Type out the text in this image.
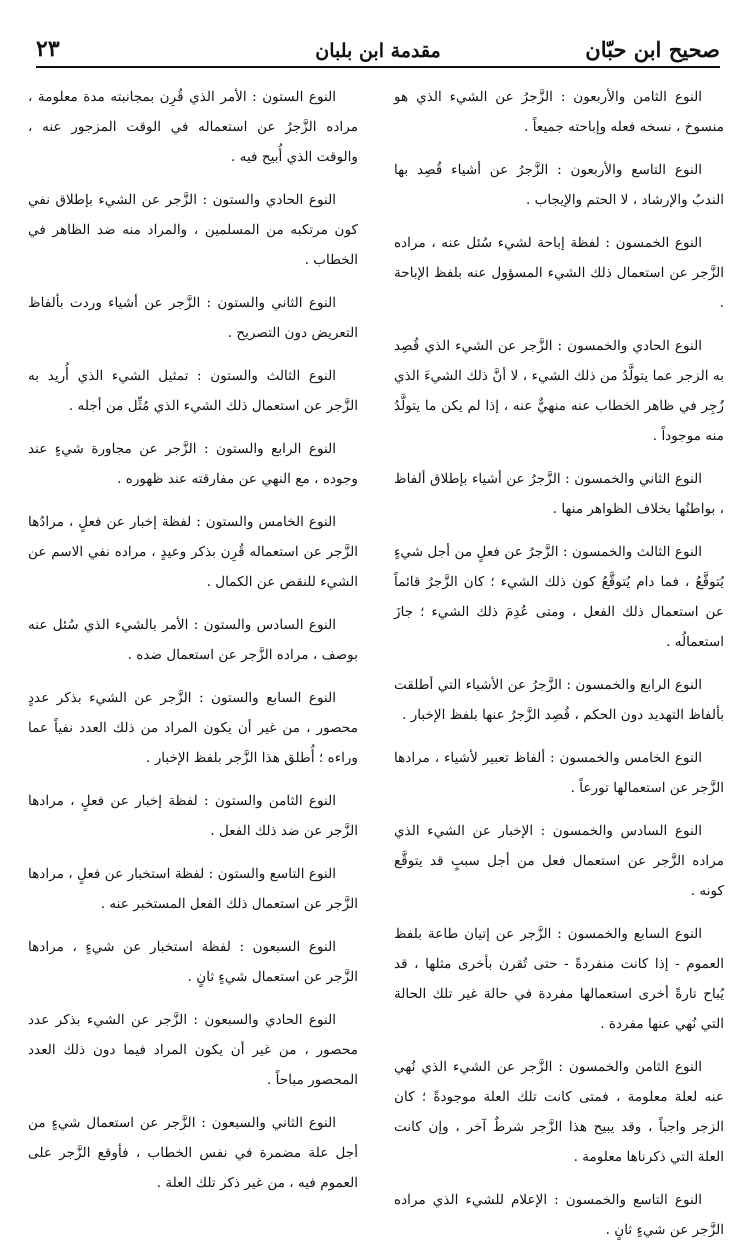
صحيح ابن حبّان
مقدمة ابن بلبان
٢٣

النوع الثامن والأربعون : الزَّجرُ عن الشيء الذي هو منسوخ ، نسخه فعله وإباحته جميعاً .

النوع التاسع والأربعون : الزَّجرُ عن أشياء قُصِد بها الندبُ والإرشاد ، لا الحتم والإيجاب .

النوع الخمسون : لفظة إباحة لشيء سُئل عنه ، مراده الزَّجر عن استعمال ذلك الشيء المسؤول عنه بلفظ الإباحة .

النوع الحادي والخمسون : الزَّجر عن الشيء الذي قُصِد به الزجر عما يتولَّدُ من ذلك الشيء ، لا أنَّ ذلك الشيءَ الذي زُجِر في ظاهر الخطاب عنه منهيٌّ عنه ، إذا لم يكن ما يتولَّدُ منه موجوداً .

النوع الثاني والخمسون : الزَّجرُ عن أشياء بإطلاق ألفاظ ، بواطنُها بخلاف الظواهر منها .

النوع الثالث والخمسون : الزَّجرُ عن فعلٍ من أجل شيءٍ يُتوقَّعُ ، فما دام يُتوقَّعُ كون ذلك الشيء ؛ كان الزَّجرُ قائماً عن استعمال ذلك الفعل ، ومتى عُدِمَ ذلك الشيء ؛ جازَ استعمالُه .

النوع الرابع والخمسون : الزَّجرُ عن الأشياء التي أطلقت بألفاظ التهديد دون الحكم ، قُصِد الزَّجرُ عنها بلفظ الإخبار .

النوع الخامس والخمسون : ألفاظ تعبير لأشياء ، مرادها الزَّجر عن استعمالها تورعاً .

النوع السادس والخمسون : الإخبار عن الشيء الذي مراده الزَّجر عن استعمال فعل من أجل سببٍ قد يتوقَّع كونه .

النوع السابع والخمسون : الزَّجر عن إتيان طاعة بلفظ العموم - إذا كانت منفردةً - حتى تُقرن بأخرى مثلها ، قد يُباح تارةً أخرى استعمالها مفردة في حالة غير تلك الحالة التي نُهي عنها مفردة .

النوع الثامن والخمسون : الزَّجر عن الشيء الذي نُهي عنه لعلة معلومة ، فمتى كانت تلك العلة موجودةً ؛ كان الزجر واجباً ، وقد يبيح هذا الزَّجر شرطٌ آخر ، وإن كانت العلة التي ذكرناها معلومة .

النوع التاسع والخمسون : الإعلام للشيء الذي مراده الزَّجر عن شيءٍ ثانٍ .

النوع الستون : الأمر الذي قُرِن بمجانبته مدة معلومة ، مراده الزَّجرُ عن استعماله في الوقت المزجور عنه ، والوقت الذي أُبيح فيه .

النوع الحادي والستون : الزَّجر عن الشيء بإطلاق نفي كون مرتكبه من المسلمين ، والمراد منه ضد الظاهر في الخطاب .

النوع الثاني والستون : الزَّجر عن أشياء وردت بألفاظ التعريض دون التصريح .

النوع الثالث والستون : تمثيل الشيء الذي أُريد به الزَّجر عن استعمال ذلك الشيء الذي مُثِّل من أجله .

النوع الرابع والستون : الزَّجر عن مجاورة شيءٍ عند وجوده ، مع النهي عن مفارقته عند ظهوره .

النوع الخامس والستون : لفظة إخبار عن فعلٍ ، مرادُها الزَّجر عن استعماله قُرِن بذكر وعيدٍ ، مراده نفي الاسم عن الشيء للنقص عن الكمال .

النوع السادس والستون : الأمر بالشيء الذي سُئل عنه بوصف ، مراده الزَّجر عن استعمال ضده .

النوع السابع والستون : الزَّجر عن الشيء بذكر عددٍ محصور ، من غير أن يكون المراد من ذلك العدد نفياً عما وراءه ؛ أُطلق هذا الزَّجر بلفظ الإخبار .

النوع الثامن والستون : لفظة إخبار عن فعلٍ ، مرادها الزَّجر عن ضد ذلك الفعل .

النوع التاسع والستون : لفظة استخبار عن فعلٍ ، مرادها الزَّجر عن استعمال ذلك الفعل المستخبر عنه .

النوع السبعون : لفظة استخبار عن شيءٍ ، مرادها الزَّجر عن استعمال شيءٍ ثانٍ .

النوع الحادي والسبعون : الزَّجر عن الشيء بذكر عدد محصور ، من غير أن يكون المراد فيما دون ذلك العدد المحصور مباحاً .

النوع الثاني والسبعون : الزَّجر عن استعمال شيءٍ من أجل علة مضمرة في نفس الخطاب ، فأوقع الزَّجر على العموم فيه ، من غير ذكر تلك العلة .
